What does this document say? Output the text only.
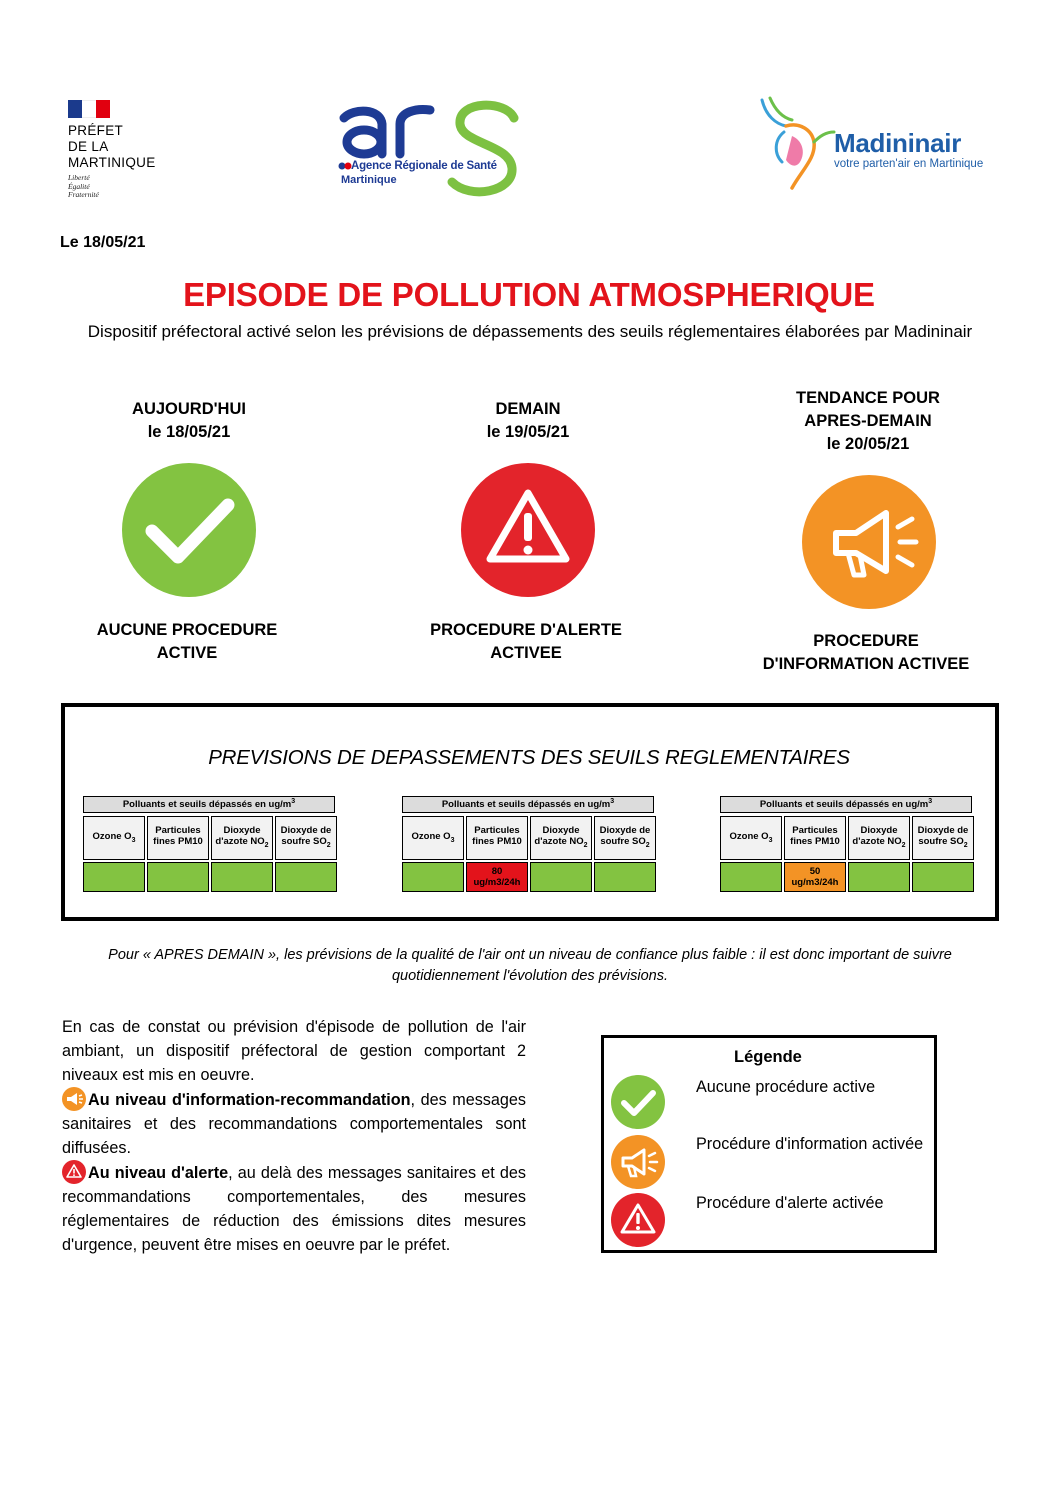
PRÉFET
DE LA
MARTINIQUE
Liberté
Égalité
Fraternité
Agence Régionale de Santé
Martinique
Madininair
votre parten'air en Martinique
Le 18/05/21
EPISODE DE POLLUTION ATMOSPHERIQUE
Dispositif préfectoral activé selon les prévisions de dépassements des seuils réglementaires élaborées par Madininair
AUJOURD'HUI
le 18/05/21
DEMAIN
le 19/05/21
TENDANCE POUR APRES-DEMAIN
le 20/05/21
AUCUNE PROCEDURE ACTIVE
PROCEDURE D'ALERTE ACTIVEE
PROCEDURE D'INFORMATION ACTIVEE
PREVISIONS DE DEPASSEMENTS DES SEUILS REGLEMENTAIRES
Polluants et seuils dépassés en $ug/m^3$
Ozone $O_3$
Particules fines PM10
Dioxyde d'azote $NO_2$
Dioxyde de soufre $SO_2$
Polluants et seuils dépassés en $ug/m^3$
Ozone $O_3$
Particules fines PM10
80 ug/m3/24h
Dioxyde d'azote $NO_2$
Dioxyde de soufre $SO_2$
Polluants et seuils dépassés en $ug/m^3$
Ozone $O_3$
Particules fines PM10
50 ug/m3/24h
Dioxyde d'azote $NO_2$
Dioxyde de soufre $SO_2$
Pour « APRES DEMAIN », les prévisions de la qualité de l'air ont un niveau de confiance plus faible : il est donc important de suivre quotidiennement l'évolution des prévisions.

En cas de constat ou prévision d'épisode de pollution de l'air ambiant, un dispositif préfectoral de gestion comportant 2 niveaux est mis en oeuvre.

Au niveau d'information-recommandation, des messages sanitaires et des recommandations comportementales sont diffusées.

Au niveau d'alerte, au delà des messages sanitaires et des recommandations comportementales, des mesures réglementaires de réduction des émissions dites mesures d'urgence, peuvent être mises en oeuvre par le préfet.

Légende
Aucune procédure active
Procédure d'information activée
Procédure d'alerte activée
